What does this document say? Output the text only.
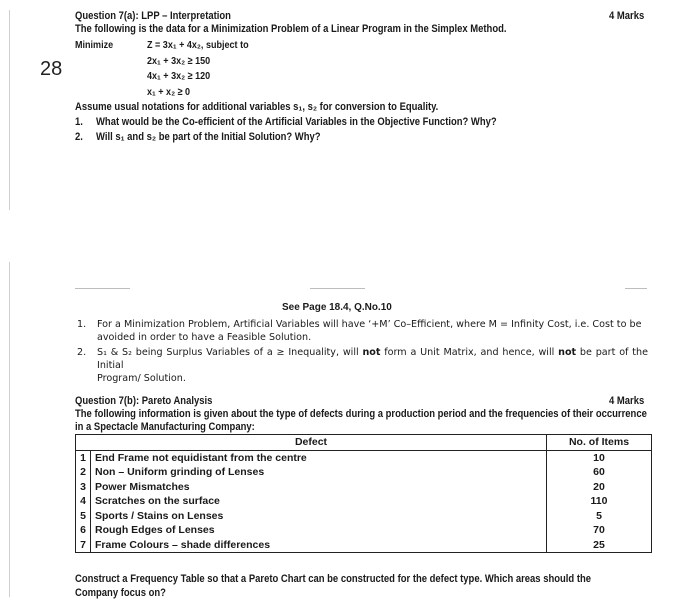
28
Question 7(a): LPP – Interpretation	4 Marks
The following is the data for a Minimization Problem of a Linear Program in the Simplex Method.
Minimize	Z = 3x₁ + 4x₂, subject to
2x₁ + 3x₂ ≥ 150
4x₁ + 3x₂ ≥ 120
x₁ + x₂ ≥ 0
Assume usual notations for additional variables s₁, s₂ for conversion to Equality.
1. What would be the Co-efficient of the Artificial Variables in the Objective Function? Why?
2. Will s₁ and s₂ be part of the Initial Solution? Why?
See Page 18.4, Q.No.10
1. For a Minimization Problem, Artificial Variables will have ‘+M’ Co–Efficient, where M = Infinity Cost, i.e. Cost to be
avoided in order to have a Feasible Solution.
2. S₁ & S₂ being Surplus Variables of a ≥ Inequality, will not form a Unit Matrix, and hence, will not be part of the Initial
Program/ Solution.
Question 7(b): Pareto Analysis	4 Marks
The following information is given about the type of defects during a production period and the frequencies of their occurrence
in a Spectacle Manufacturing Company:
Defect		No. of Items
1	End Frame not equidistant from the centre	10
2	Non – Uniform grinding of Lenses	60
3	Power Mismatches	20
4	Scratches on the surface	110
5	Sports / Stains on Lenses	5
6	Rough Edges of Lenses	70
7	Frame Colours – shade differences	25
Construct a Frequency Table so that a Pareto Chart can be constructed for the defect type. Which areas should the
Company focus on?
